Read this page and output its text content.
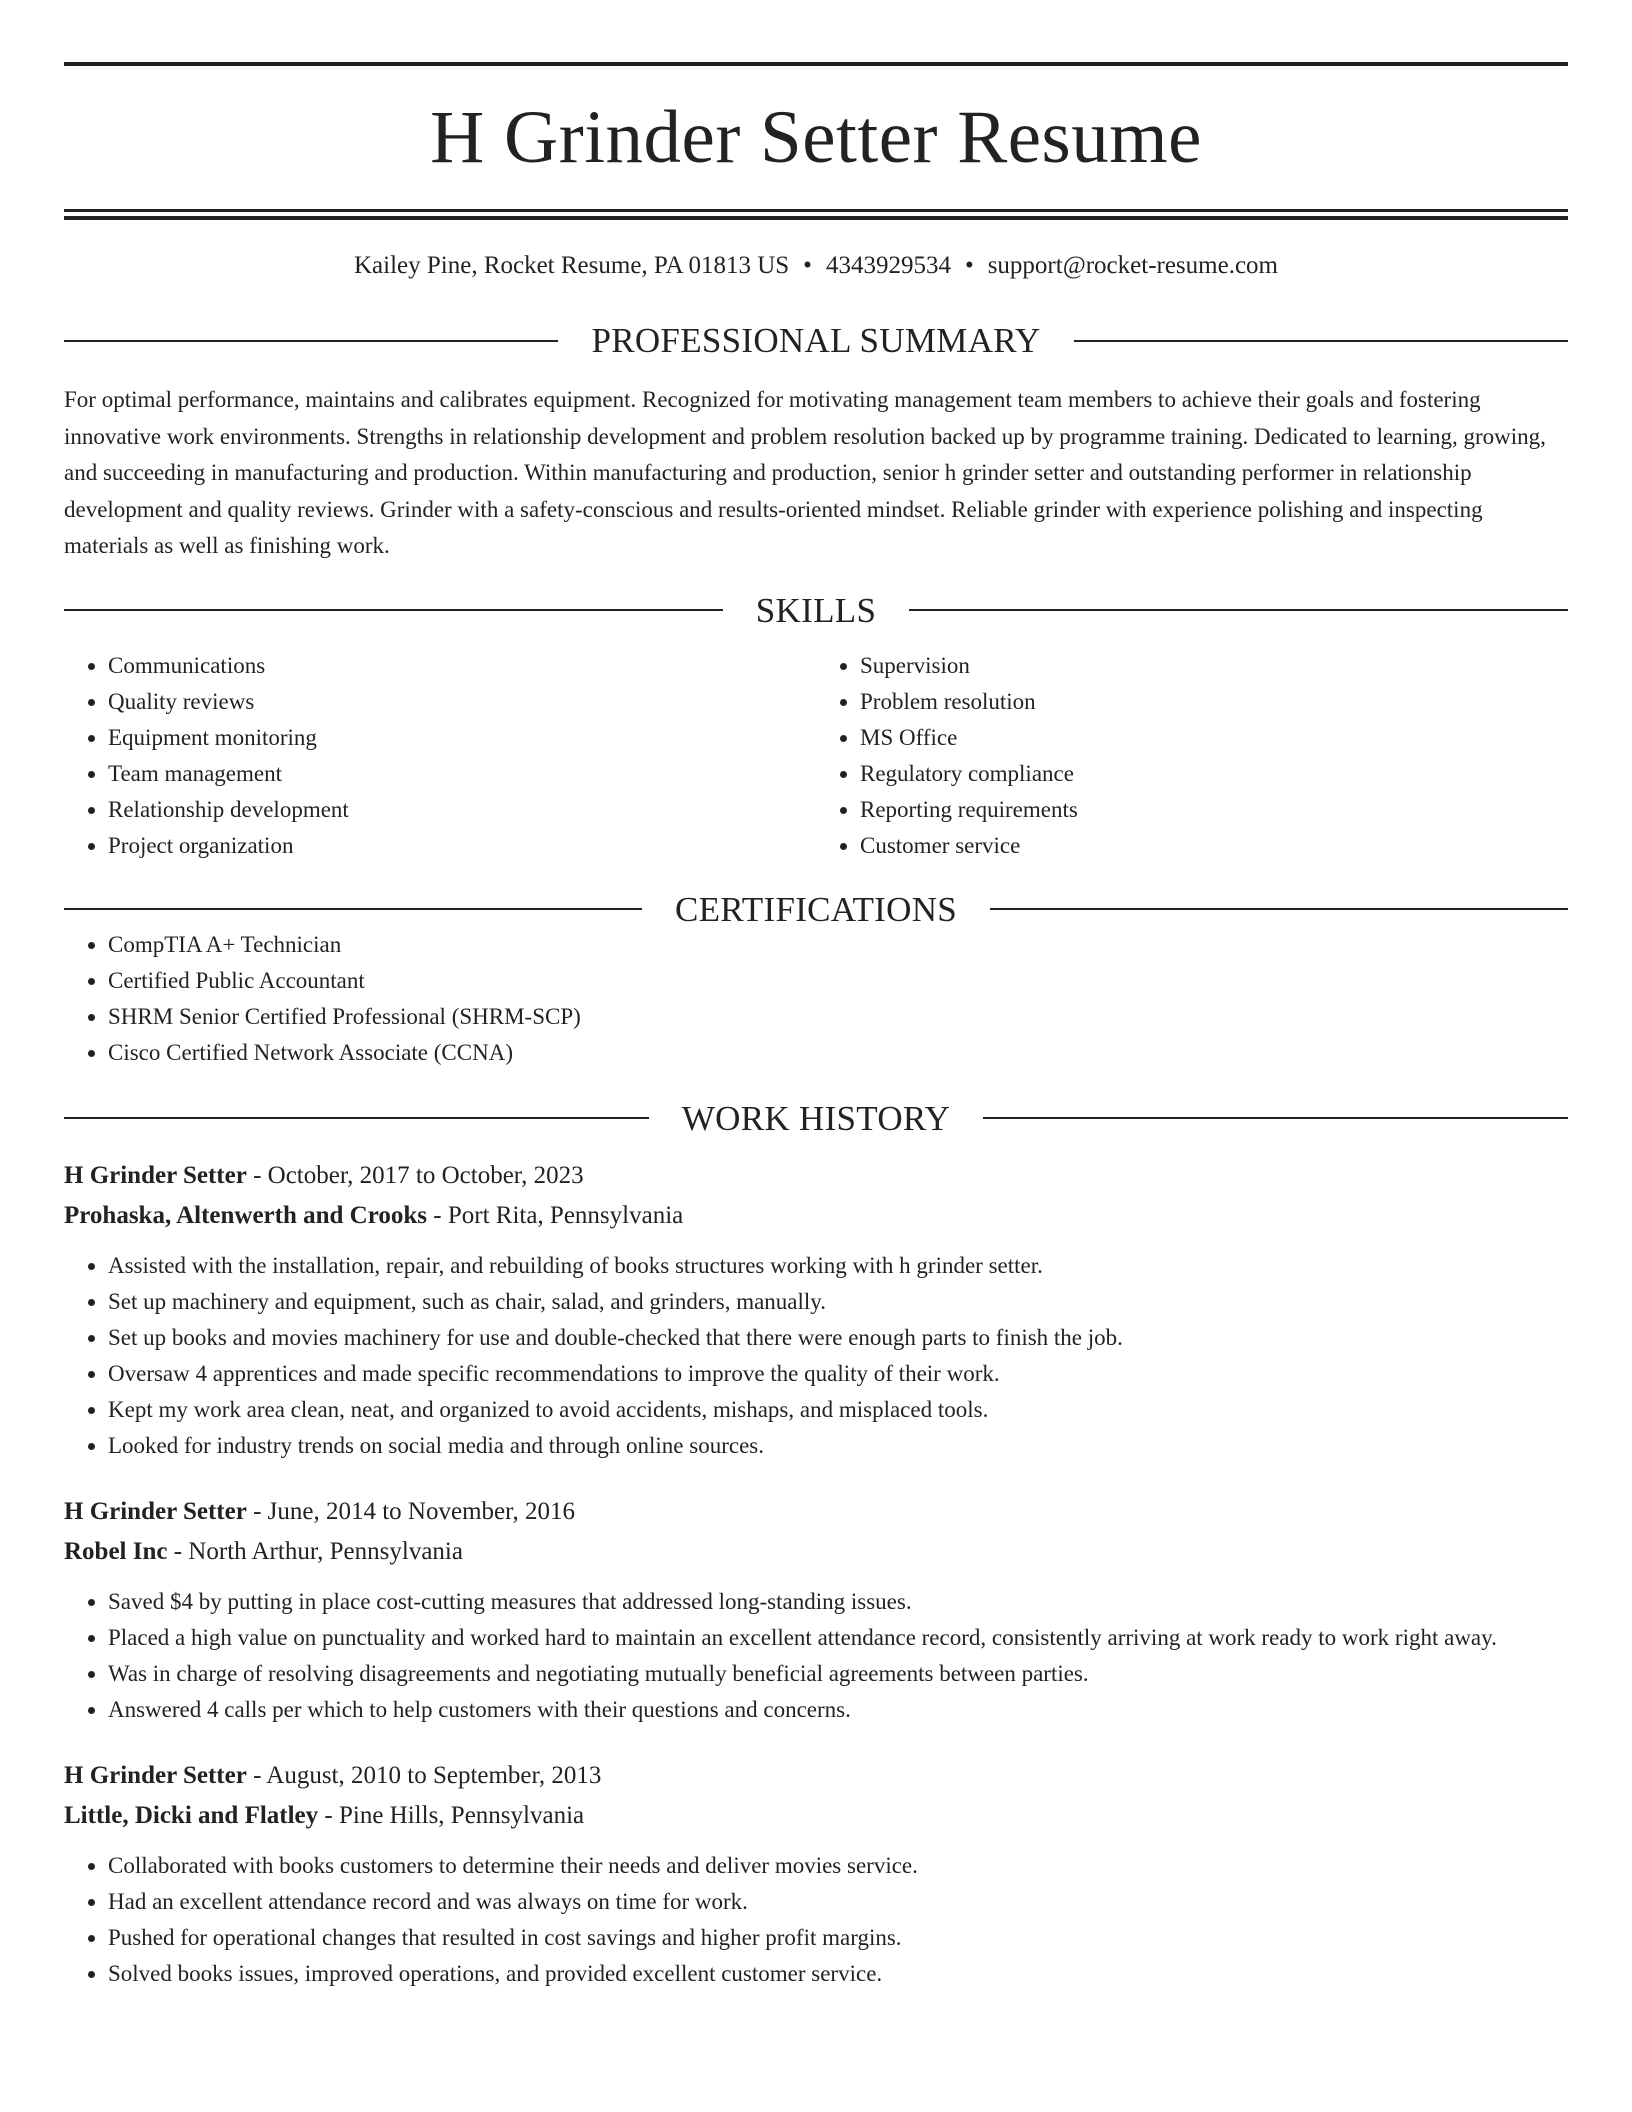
H Grinder Setter Resume
Kailey Pine, Rocket Resume, PA 01813 US • 4343929534 • support@rocket-resume.com
PROFESSIONAL SUMMARY

For optimal performance, maintains and calibrates equipment. Recognized for motivating management team members to achieve their goals and fostering innovative work environments. Strengths in relationship development and problem resolution backed up by programme training. Dedicated to learning, growing, and succeeding in manufacturing and production. Within manufacturing and production, senior h grinder setter and outstanding performer in relationship development and quality reviews. Grinder with a safety-conscious and results-oriented mindset. Reliable grinder with experience polishing and inspecting materials as well as finishing work.

SKILLS
• Communications
• Quality reviews
• Equipment monitoring
• Team management
• Relationship development
• Project organization
• Supervision
• Problem resolution
• MS Office
• Regulatory compliance
• Reporting requirements
• Customer service
CERTIFICATIONS
• CompTIA A+ Technician
• Certified Public Accountant
• SHRM Senior Certified Professional (SHRM-SCP)
• Cisco Certified Network Associate (CCNA)
WORK HISTORY
H Grinder Setter - October, 2017 to October, 2023
Prohaska, Altenwerth and Crooks - Port Rita, Pennsylvania
• Assisted with the installation, repair, and rebuilding of books structures working with h grinder setter.
• Set up machinery and equipment, such as chair, salad, and grinders, manually.
• Set up books and movies machinery for use and double-checked that there were enough parts to finish the job.
• Oversaw 4 apprentices and made specific recommendations to improve the quality of their work.
• Kept my work area clean, neat, and organized to avoid accidents, mishaps, and misplaced tools.
• Looked for industry trends on social media and through online sources.
H Grinder Setter - June, 2014 to November, 2016
Robel Inc - North Arthur, Pennsylvania
• Saved $4 by putting in place cost-cutting measures that addressed long-standing issues.
• Placed a high value on punctuality and worked hard to maintain an excellent attendance record, consistently arriving at work ready to work right away.
• Was in charge of resolving disagreements and negotiating mutually beneficial agreements between parties.
• Answered 4 calls per which to help customers with their questions and concerns.
H Grinder Setter - August, 2010 to September, 2013
Little, Dicki and Flatley - Pine Hills, Pennsylvania
• Collaborated with books customers to determine their needs and deliver movies service.
• Had an excellent attendance record and was always on time for work.
• Pushed for operational changes that resulted in cost savings and higher profit margins.
• Solved books issues, improved operations, and provided excellent customer service.
